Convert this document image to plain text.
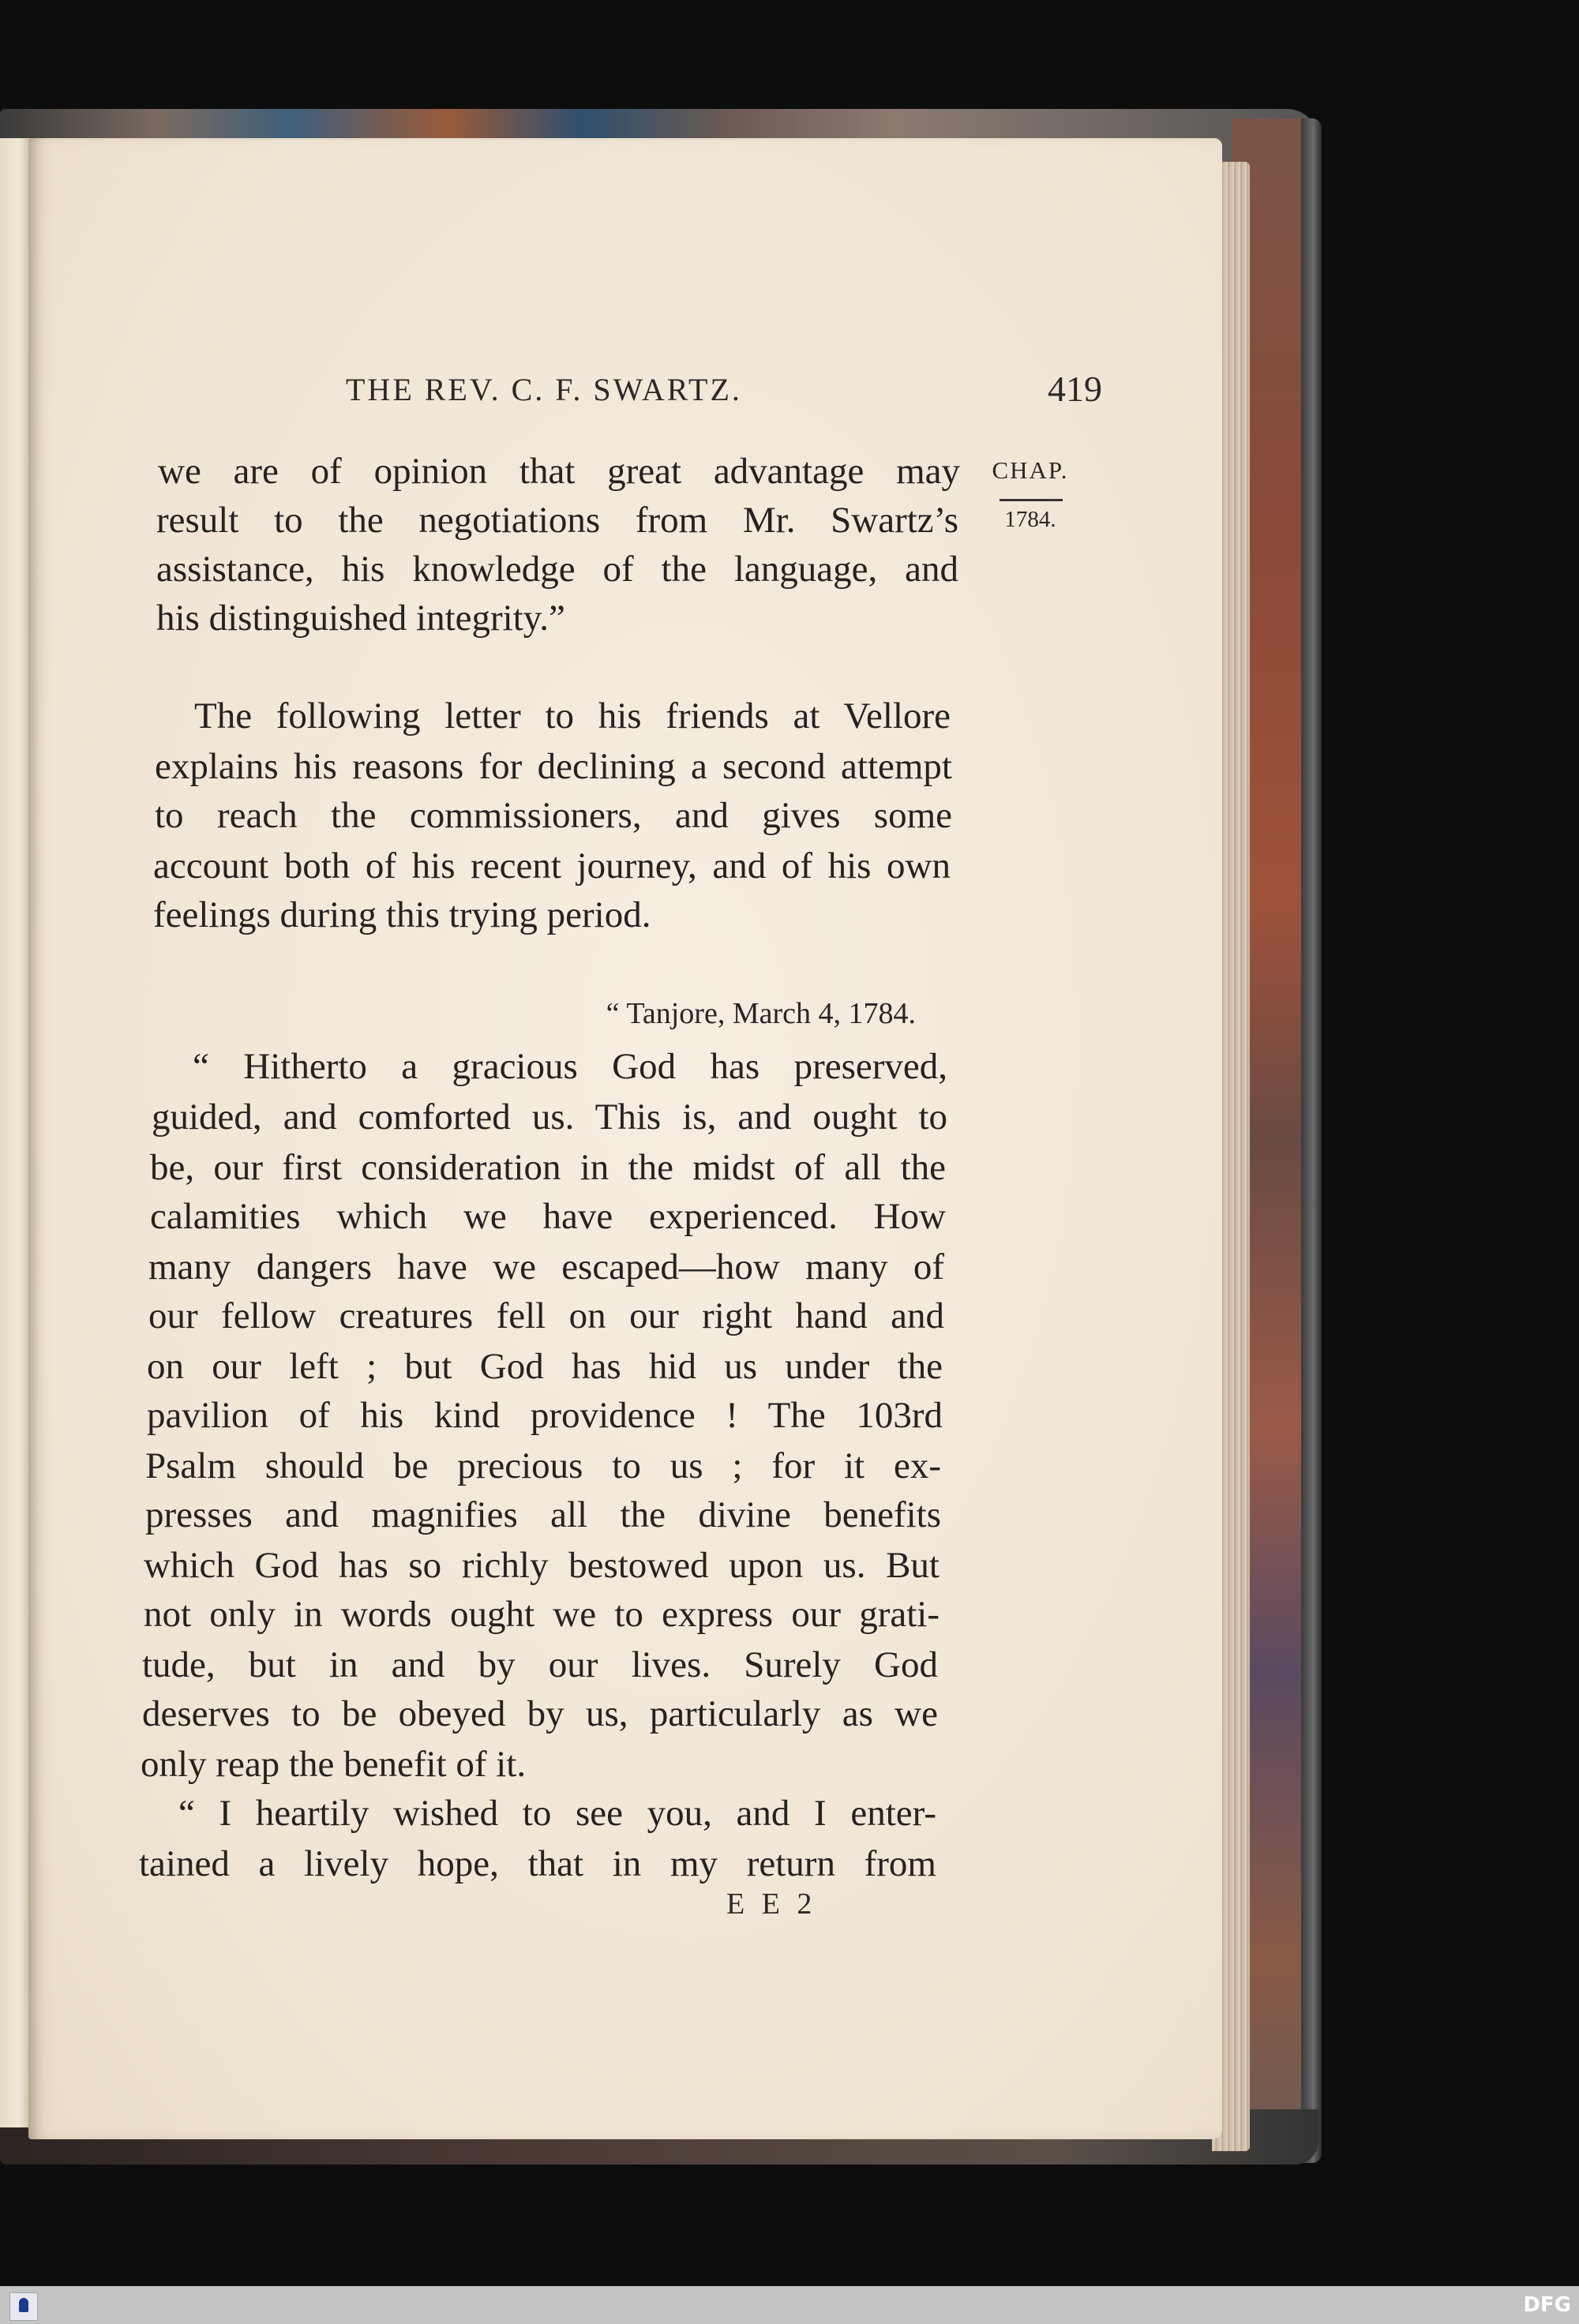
THE REV. C. F. SWARTZ.	419
CHAP.
1784.
we are of opinion that great advantage may
result to the negotiations from Mr. Swartz’s
assistance, his knowledge of the language, and
his distinguished integrity.”
The following letter to his friends at Vellore
explains his reasons for declining a second attempt
to reach the commissioners, and gives some
account both of his recent journey, and of his own
feelings during this trying period.
“ Tanjore, March 4, 1784.
“ Hitherto a gracious God has preserved,
guided, and comforted us. This is, and ought to
be, our first consideration in the midst of all the
calamities which we have experienced. How
many dangers have we escaped—how many of
our fellow creatures fell on our right hand and
on our left ; but God has hid us under the
pavilion of his kind providence ! The 103rd
Psalm should be precious to us ; for it ex-
presses and magnifies all the divine benefits
which God has so richly bestowed upon us. But
not only in words ought we to express our grati-
tude, but in and by our lives. Surely God
deserves to be obeyed by us, particularly as we
only reap the benefit of it.
“ I heartily wished to see you, and I enter-
tained a lively hope, that in my return from
E E 2
DFG
